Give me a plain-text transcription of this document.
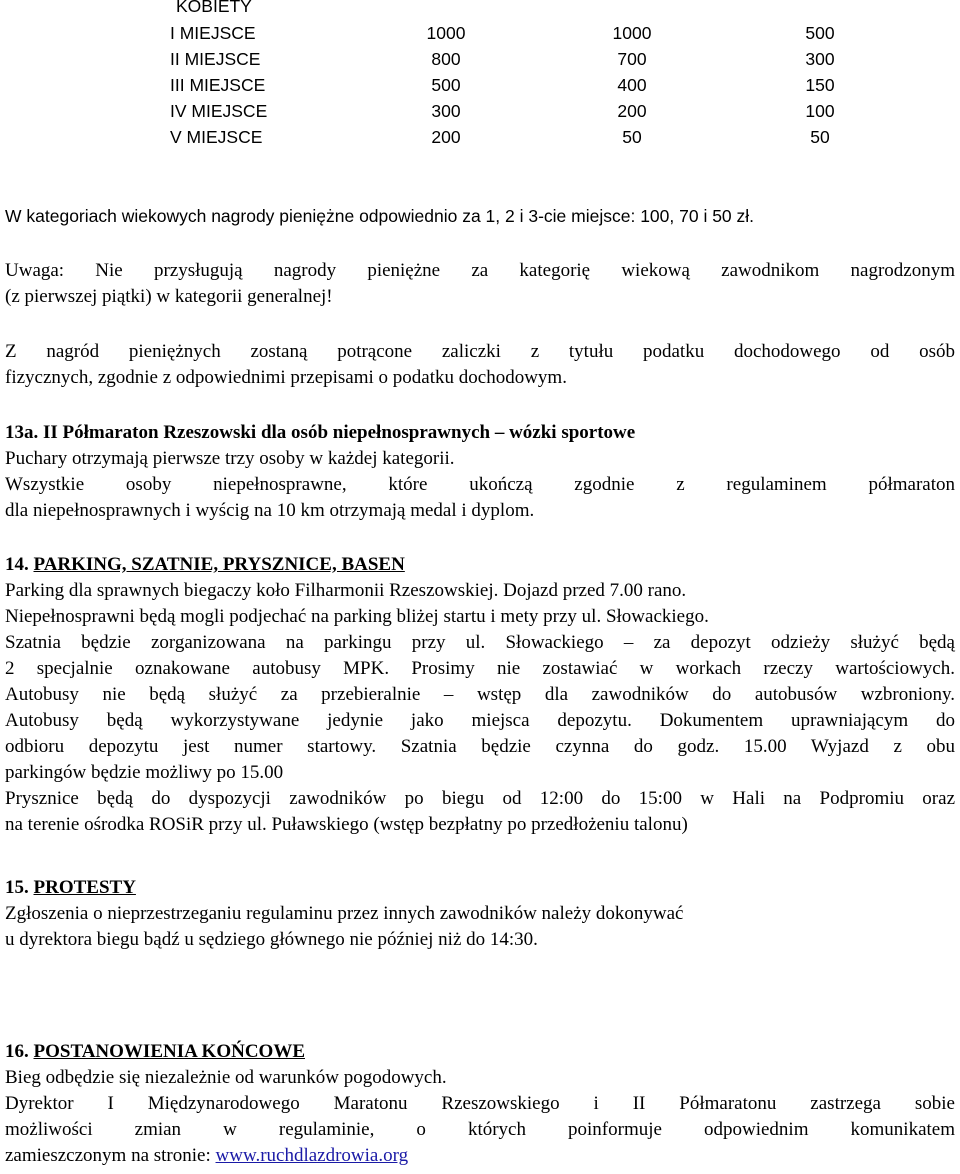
KOBIETY
I MIEJSCE	1000	1000	500
II MIEJSCE	800	700	300
III MIEJSCE	500	400	150
IV MIEJSCE	300	200	100
V MIEJSCE	200	50	50
W kategoriach wiekowych nagrody pieniężne odpowiednio za 1, 2 i 3-cie miejsce: 100, 70 i 50 zł.
Uwaga: Nie przysługują nagrody pieniężne za kategorię wiekową zawodnikom nagrodzonym
(z pierwszej piątki) w kategorii generalnej!
Z nagród pieniężnych zostaną potrącone zaliczki z tytułu podatku dochodowego od osób
fizycznych, zgodnie z odpowiednimi przepisami o podatku dochodowym.
13a. II Półmaraton Rzeszowski dla osób niepełnosprawnych – wózki sportowe
Puchary otrzymają pierwsze trzy osoby w każdej kategorii.
Wszystkie osoby niepełnosprawne, które ukończą zgodnie z regulaminem półmaraton
dla niepełnosprawnych i wyścig na 10 km otrzymają medal i dyplom.
14. PARKING, SZATNIE, PRYSZNICE, BASEN
Parking dla sprawnych biegaczy koło Filharmonii Rzeszowskiej. Dojazd przed 7.00 rano.
Niepełnosprawni będą mogli podjechać na parking bliżej startu i mety przy ul. Słowackiego.
Szatnia będzie zorganizowana na parkingu przy ul. Słowackiego – za depozyt odzieży służyć będą
2 specjalnie oznakowane autobusy MPK. Prosimy nie zostawiać w workach rzeczy wartościowych.
Autobusy nie będą służyć za przebieralnie – wstęp dla zawodników do autobusów wzbroniony.
Autobusy będą wykorzystywane jedynie jako miejsca depozytu. Dokumentem uprawniającym do
odbioru depozytu jest numer startowy. Szatnia będzie czynna do godz. 15.00 Wyjazd z obu
parkingów będzie możliwy po 15.00
Prysznice będą do dyspozycji zawodników po biegu od 12:00 do 15:00 w Hali na Podpromiu oraz
na terenie ośrodka ROSiR przy ul. Puławskiego (wstęp bezpłatny po przedłożeniu talonu)
15. PROTESTY
Zgłoszenia o nieprzestrzeganiu regulaminu przez innych zawodników należy dokonywać
u dyrektora biegu bądź u sędziego głównego nie później niż do 14:30.
16. POSTANOWIENIA KOŃCOWE
Bieg odbędzie się niezależnie od warunków pogodowych.
Dyrektor I Międzynarodowego Maratonu Rzeszowskiego i II Półmaratonu zastrzega sobie
możliwości zmian w regulaminie, o których poinformuje odpowiednim komunikatem
zamieszczonym na stronie: www.ruchdlazdrowia.org
